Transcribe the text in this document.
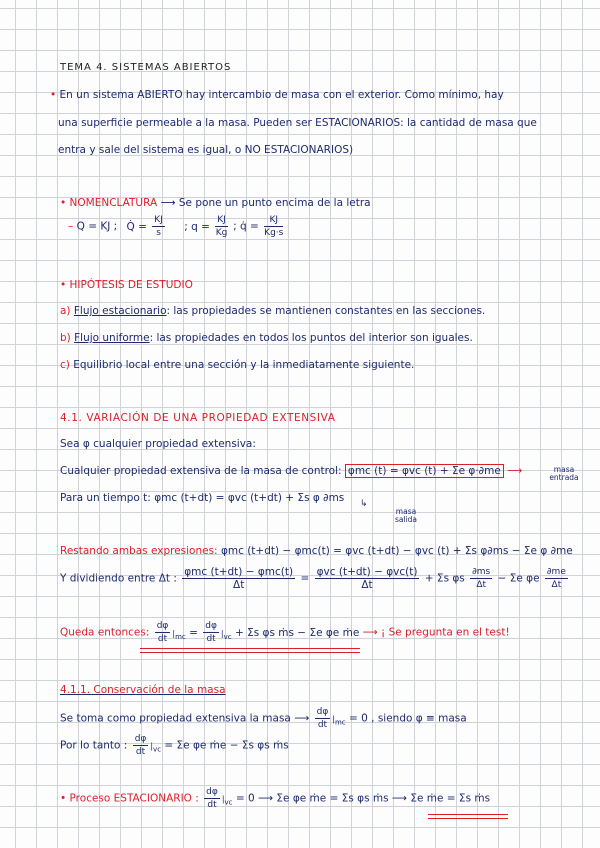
TEMA 4. SISTEMAS ABIERTOS
• En un sistema ABIERTO hay intercambio de masa con el exterior. Como mínimo, hay
una superficie permeable a la masa. Pueden ser ESTACIONARIOS: la cantidad de masa que
entra y sale del sistema es igual, o NO ESTACIONARIOS)
• NOMENCLATURA ⟶ Se pone un punto encima de la letra
– Q = KJ ; Q̇ = $\frac{KJ}{s}$ ; $q = \frac{KJ}{Kg}$ ; q̇ = $\frac{KJ}{Kg\cdot s}$
• HIPÓTESIS DE ESTUDIO
a) Flujo estacionario: las propiedades se mantienen constantes en las secciones.
b) Flujo uniforme: las propiedades en todos los puntos del interior son iguales.
c) Equilibrio local entre una sección y la inmediatamente siguiente.
4.1. VARIACIÓN DE UNA PROPIEDAD EXTENSIVA
Sea φ cualquier propiedad extensiva:
Cualquier propiedad extensiva de la masa de control: φmc (t) = φvc (t) + Σe φ·∂me ⟶	masa entrada
Para un tiempo t: φmc (t+dt) = φvc (t+dt) + Σs φ ∂ms ↳
masa salida
Restando ambas expresiones: φmc (t+dt) − φmc(t) = φvc (t+dt) − φvc (t) + Σs φ∂ms − Σe φ ∂me
Y dividiendo entre Δt : $\frac{\text{φmc (t+dt) − φmc(t)}}{\Delta t} = \frac{\text{φvc (t+dt) − φvc(t)}}{\Delta t} + \Sigma s$ φs $\frac{\partial ms}{\Delta t} - \Sigma e$ φe $\frac{\partial me}{\Delta t}$
Queda entonces: $\frac{d\varphi}{dt} |_{mc} = \frac{d\varphi}{dt} |_{vc} + \Sigma s$ φs ṁs − Σe φe ṁe ⟶ ¡ Se pregunta en el test!
4.1.1. Conservación de la masa
Se toma como propiedad extensiva la masa ⟶ $\frac{d\varphi}{dt} |_{mc} = 0$ , siendo φ ≡ masa
Por lo tanto : $\frac{d\varphi}{dt} |_{vc} = \Sigma e$ φe ṁe − Σs φs ṁs
• Proceso ESTACIONARIO : $\frac{d\varphi}{dt} |_{vc} = 0$ ⟶ Σe φe ṁe = Σs φs ṁs ⟶ Σe ṁe = Σs ṁs
